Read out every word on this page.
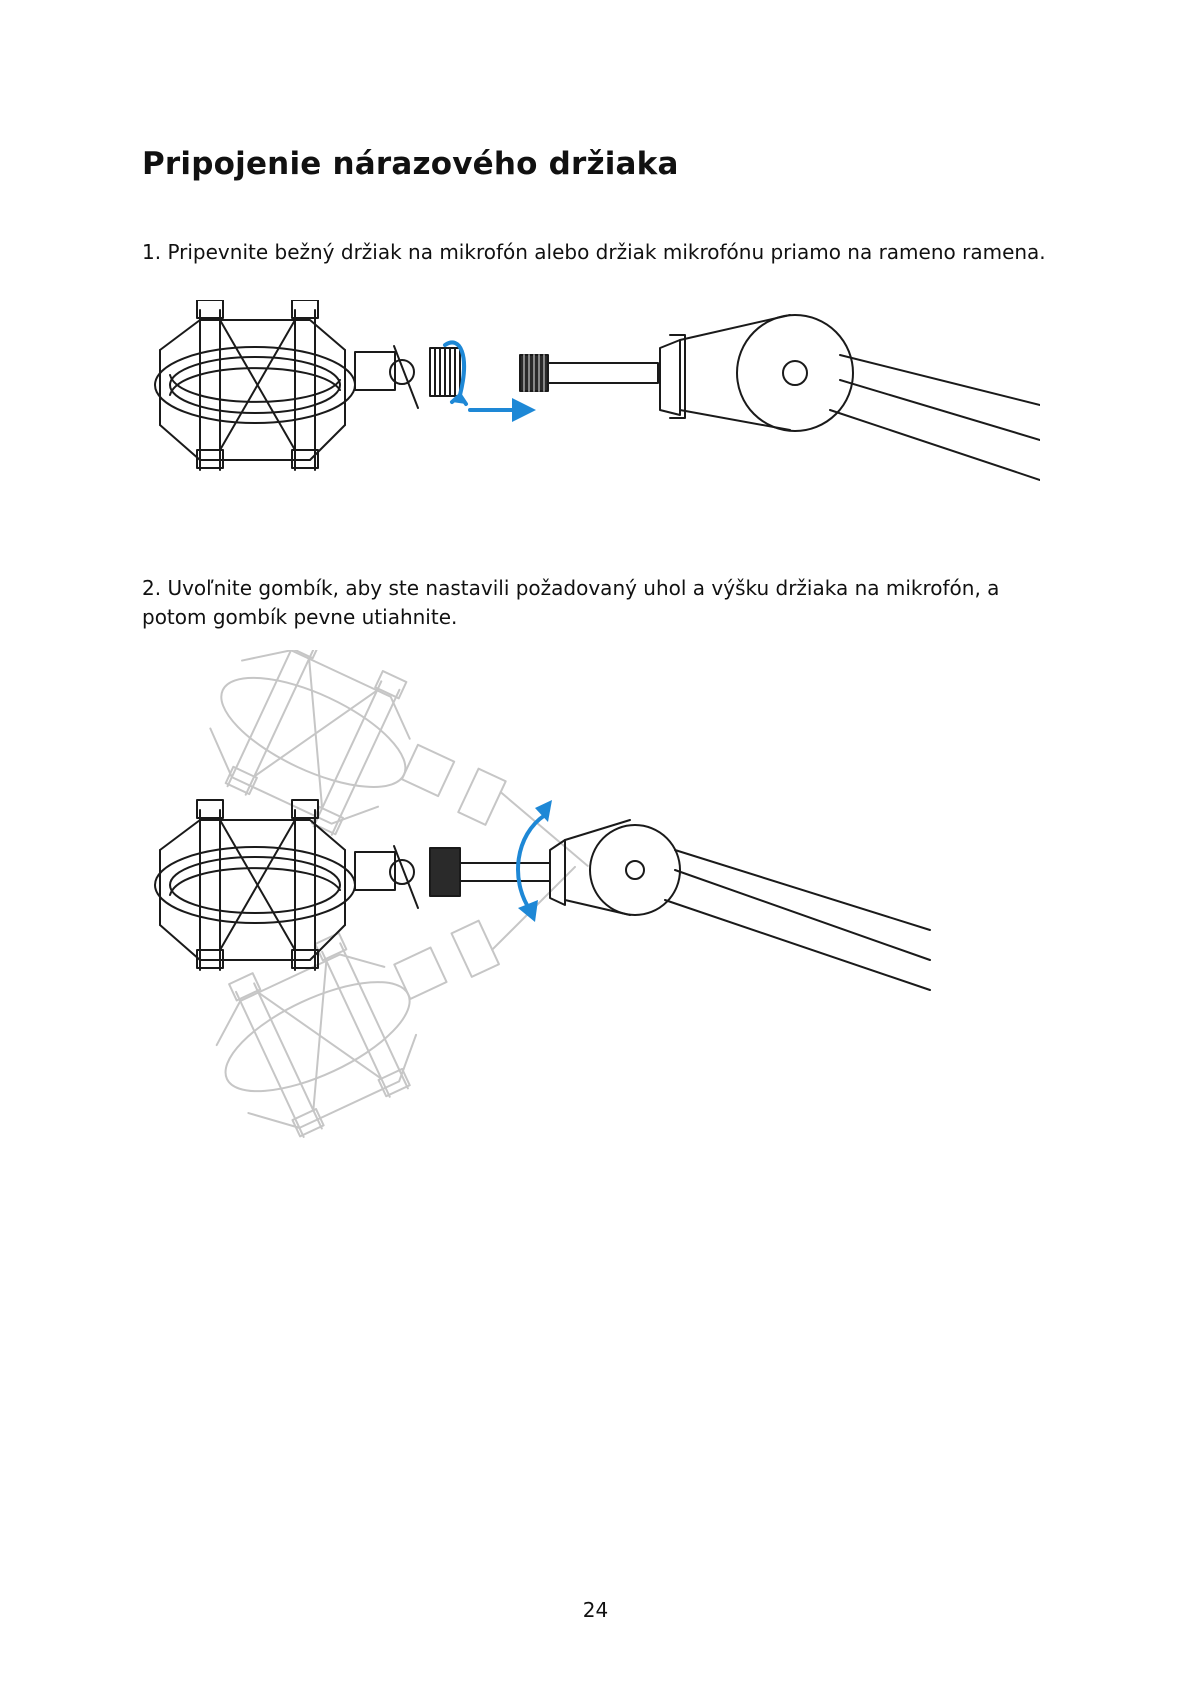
Pripojenie nárazového držiaka

1. Pripevnite bežný držiak na mikrofón alebo držiak mikrofónu priamo na rameno ramena.

2. Uvoľnite gombík, aby ste nastavili požadovaný uhol a výšku držiaka na mikrofón, a potom gombík pevne utiahnite.

24
